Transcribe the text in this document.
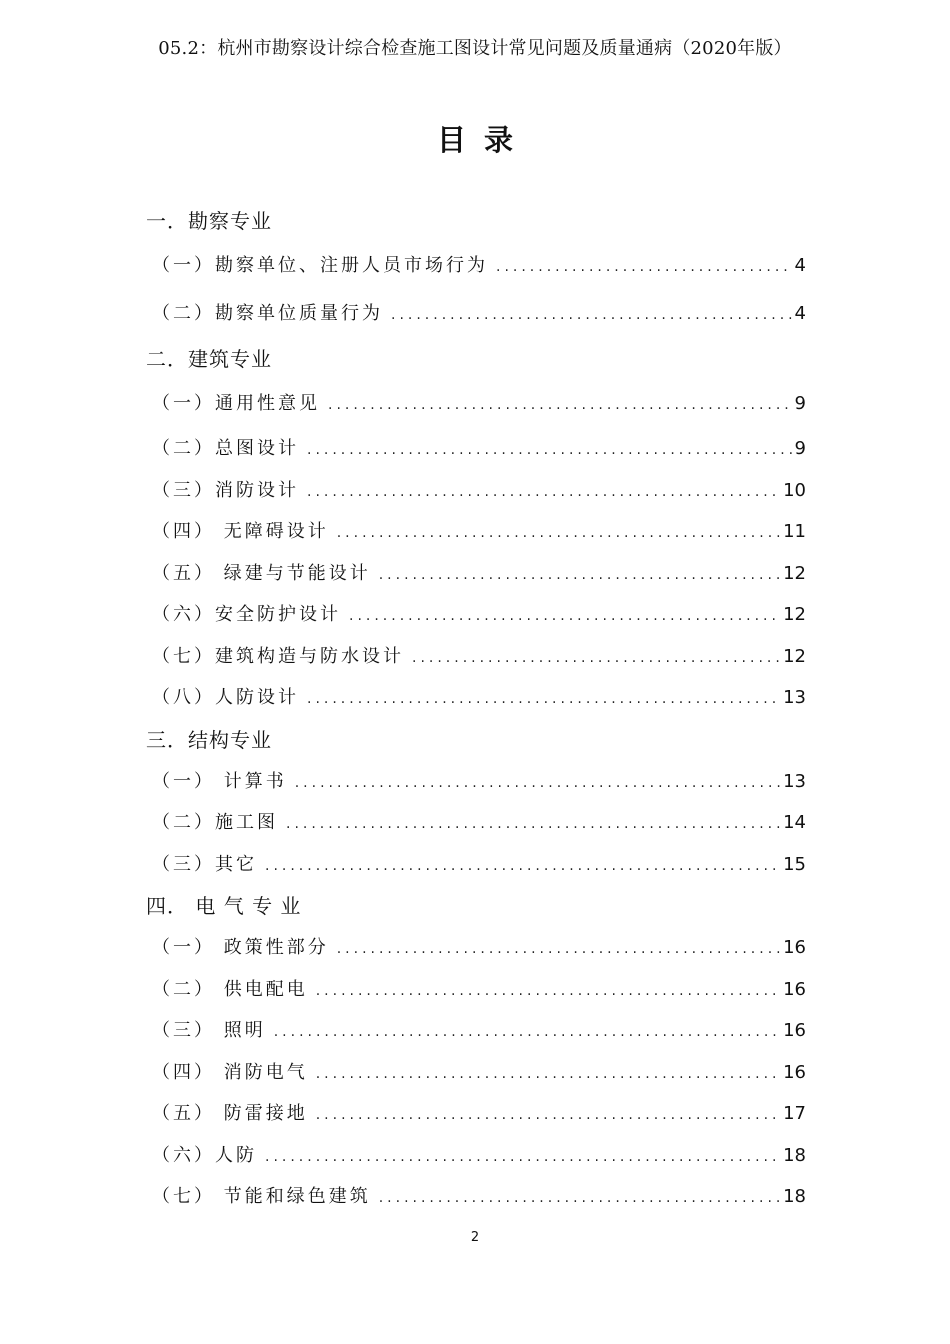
05.2：杭州市勘察设计综合检查施工图设计常见问题及质量通病（2020年版）
目录
一．勘察专业
（一）勘察单位、注册人员市场行为 .....	4
（二）勘察单位质量行为 .....	4
二．建筑专业
（一）通用性意见 .....	9
（二）总图设计 .....	9
（三）消防设计 .....	10
（四） 无障碍设计 .....	11
（五） 绿建与节能设计 .....	12
（六）安全防护设计 .....	12
（七）建筑构造与防水设计 .....	12
（八）人防设计 .....	13
三．结构专业
（一） 计算书 .....	13
（二）施工图 .....	14
（三）其它 .....	15
四． 电 气 专 业
（一） 政策性部分 .....	16
（二） 供电配电 .....	16
（三） 照明 .....	16
（四） 消防电气 .....	16
（五） 防雷接地 .....	17
（六）人防 .....	18
（七） 节能和绿色建筑 .....	18
2
